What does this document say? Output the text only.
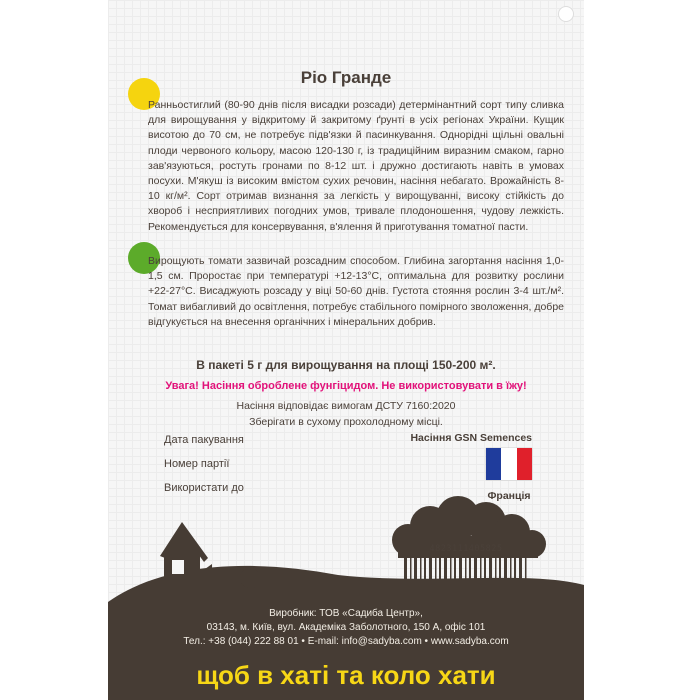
Ріо Гранде
Ранньостиглий (80-90 днів після висадки розсади) детермінантний сорт типу сливка для вирощування у відкритому й закритому ґрунті в усіх регіонах України. Кущик висотою до 70 см, не потребує підв'язки й пасинкування. Однорідні щільні овальні плоди червоного кольору, масою 120-130 г, із традиційним виразним смаком, гарно зав'язуються, ростуть гронами по 8-12 шт. і дружно достигають навіть в умовах посухи. М'якуш із високим вмістом сухих речовин, насіння небагато. Врожайність 8-10 кг/м². Сорт отримав визнання за легкість у вирощуванні, високу стійкість до хвороб і несприятливих погодних умов, тривале плодоношення, чудову лежкість. Рекомендується для консервування, в'ялення й приготування томатної пасти.
Вирощують томати зазвичай розсадним способом. Глибина загортання насіння 1,0-1,5 см. Проростає при температурі +12-13°С, оптимальна для розвитку рослини +22-27°С. Висаджують розсаду у віці 50-60 днів. Густота стояння рослин 3-4 шт./м². Томат вибагливий до освітлення, потребує стабільного помірного зволоження, добре відгукується на внесення органічних і мінеральних добрив.
В пакеті 5 г для вирощування на площі 150-200 м².
Увага! Насіння оброблене фунгіцидом. Не використовувати в їжу!
Насіння відповідає вимогам ДСТУ 7160:2020
Зберігати в сухому прохолодному місці.
Дата пакування
Номер партії
Використати до
Насіння GSN Semences
Франція
4823111405825
Виробник: ТОВ «Садиба Центр»,
03143, м. Київ, вул. Академіка Заболотного, 150 А, офіс 101
Тел.: +38 (044) 222 88 01 • E-mail: info@sadyba.com • www.sadyba.com
щоб в хаті та коло хати
